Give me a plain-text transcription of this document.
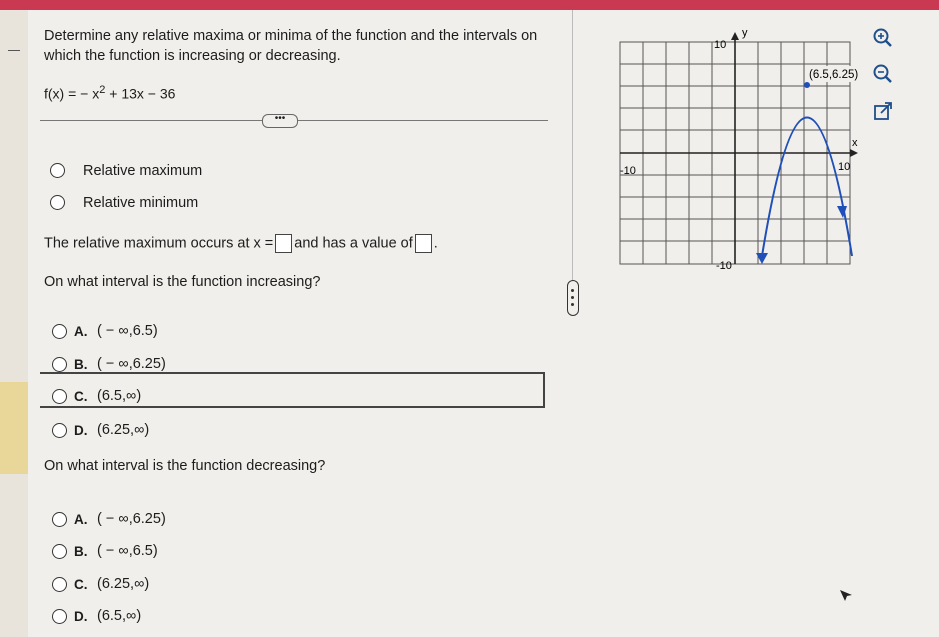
Determine any relative maxima or minima of the function and the intervals on which the function is increasing or decreasing.
f(x) = − $x^2 + 13x - 36$
•••
Relative maximum
Relative minimum
The relative maximum occurs at x = and has a value of .
On what interval is the function increasing?
A. ( − ∞,6.5)
B. ( − ∞,6.25)
C. (6.5,∞)
D. (6.25,∞)
On what interval is the function decreasing?
A. ( − ∞,6.25)
B. ( − ∞,6.5)
C. (6.25,∞)
D. (6.5,∞)
y
x
10
-10
-10	10
(6.5,6.25)
